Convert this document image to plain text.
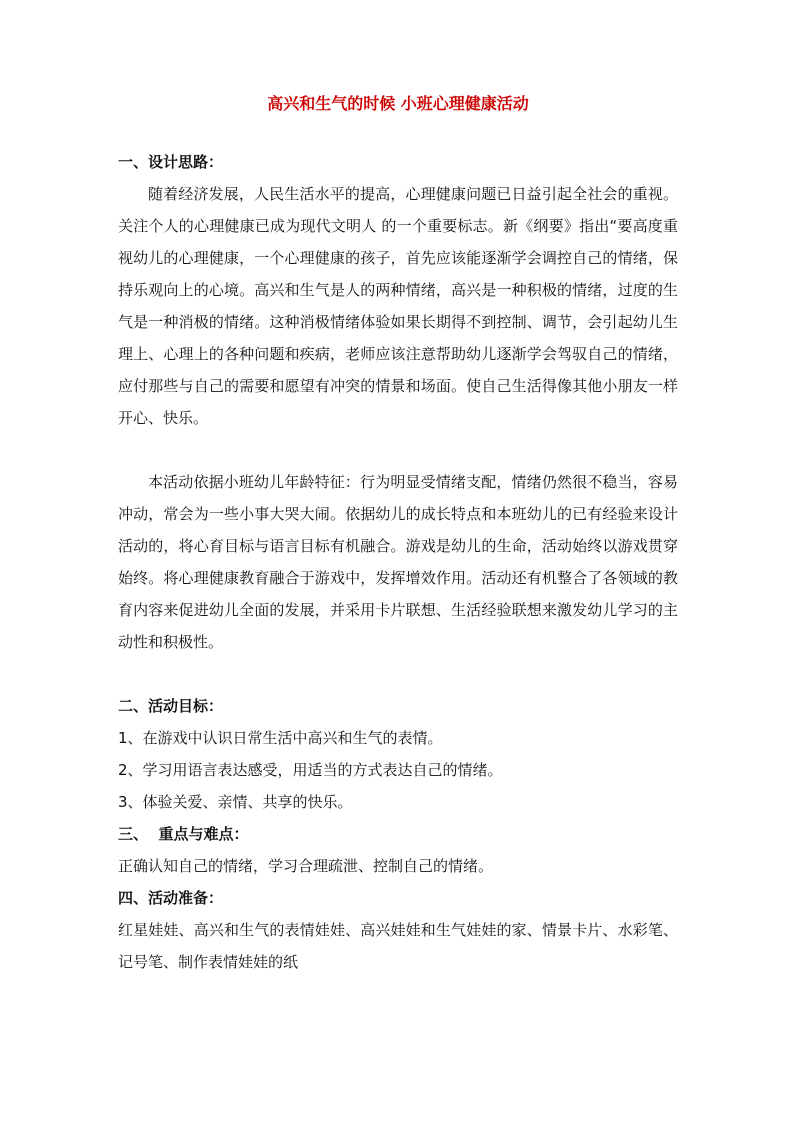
高兴和生气的时候 小班心理健康活动
一、设计思路：

随着经济发展，人民生活水平的提高，心理健康问题已日益引起全社会的重视。关注个人的心理健康已成为现代文明人 的一个重要标志。新《纲要》指出“要高度重视幼儿的心理健康，一个心理健康的孩子，首先应该能逐渐学会调控自己的情绪，保持乐观向上的心境。高兴和生气是人的两种情绪，高兴是一种积极的情绪，过度的生气是一种消极的情绪。这种消极情绪体验如果长期得不到控制、调节，会引起幼儿生理上、心理上的各种问题和疾病，老师应该注意帮助幼儿逐渐学会驾驭自己的情绪，应付那些与自己的需要和愿望有冲突的情景和场面。使自己生活得像其他小朋友一样开心、快乐。

本活动依据小班幼儿年龄特征：行为明显受情绪支配，情绪仍然很不稳当，容易冲动，常会为一些小事大哭大闹。依据幼儿的成长特点和本班幼儿的已有经验来设计活动的，将心育目标与语言目标有机融合。游戏是幼儿的生命，活动始终以游戏贯穿始终。将心理健康教育融合于游戏中，发挥增效作用。活动还有机整合了各领域的教育内容来促进幼儿全面的发展，并采用卡片联想、生活经验联想来激发幼儿学习的主动性和积极性。

二、活动目标：
1、在游戏中认识日常生活中高兴和生气的表情。
2、学习用语言表达感受，用适当的方式表达自己的情绪。
3、体验关爱、亲情、共享的快乐。
三、  重点与难点：
正确认知自己的情绪，学习合理疏泄、控制自己的情绪。
四、活动准备：

红星娃娃、高兴和生气的表情娃娃、高兴娃娃和生气娃娃的家、情景卡片、水彩笔、记号笔、制作表情娃娃的纸
